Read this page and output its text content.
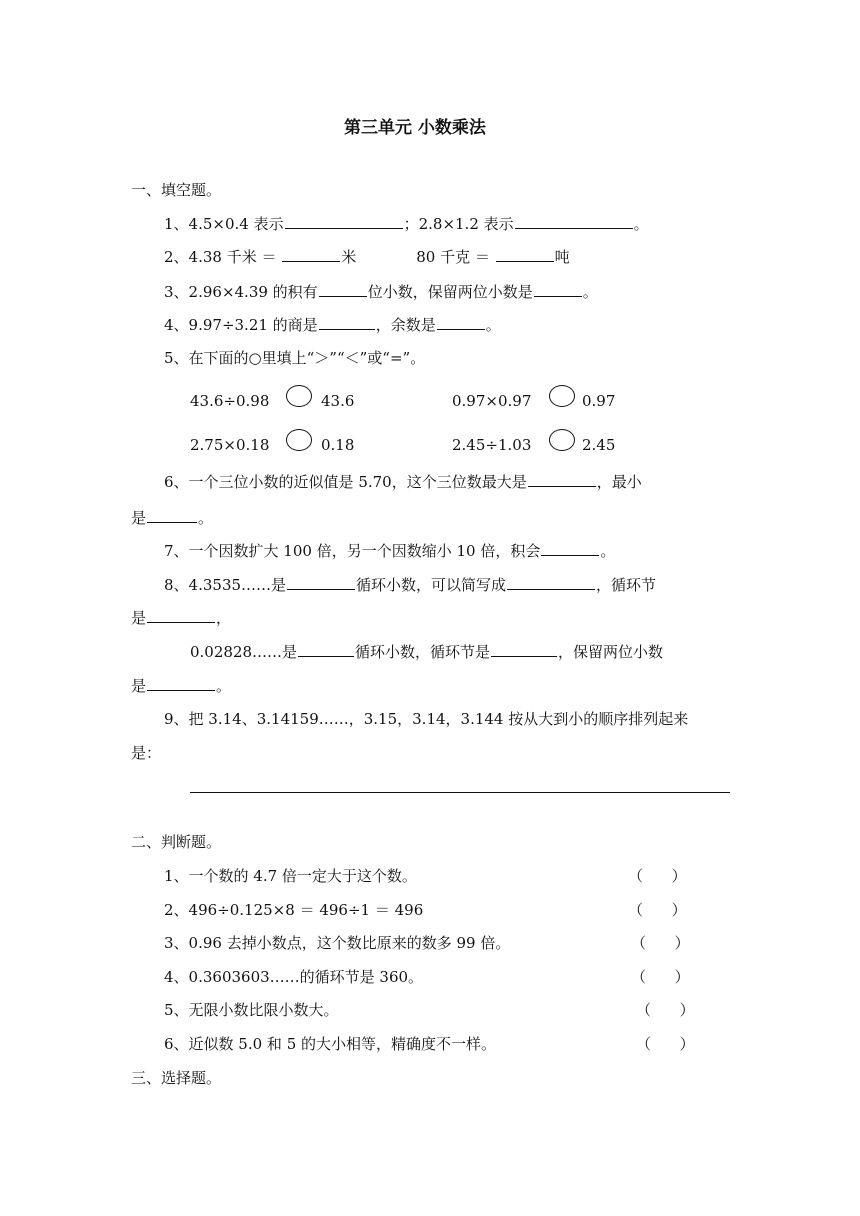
第三单元 小数乘法
一、填空题。
1、4.5×0.4 表示	；2.8×1.2 表示	。
2、4.38 千米 ＝	米	80 千克 ＝	吨
3、2.96×4.39 的积有	位小数，保留两位小数是	。
4、9.97÷3.21 的商是	，余数是	。
5、在下面的○里填上“＞”“＜”或“=”。
43.6÷0.98	43.6	0.97×0.97	0.97
2.75×0.18	0.18	2.45÷1.03	2.45
6、一个三位小数的近似值是 5.70，这个三位数最大是	，最小
是	。
7、一个因数扩大 100 倍，另一个因数缩小 10 倍，积会	。
8、4.3535……是	循环小数，可以简写成	，循环节
是	，
0.02828……是	循环小数，循环节是	，保留两位小数
是	。
9、把 3.14、3.14159……，3.15，3.14，3.144 按从大到小的顺序排列起来
是：
二、判断题。
1、一个数的 4.7 倍一定大于这个数。	（      ）
2、496÷0.125×8 ＝ 496÷1 ＝ 496	（      ）
3、0.96 去掉小数点，这个数比原来的数多 99 倍。	（      ）
4、0.3603603……的循环节是 360。	（      ）
5、无限小数比限小数大。	（      ）
6、近似数 5.0 和 5 的大小相等，精确度不一样。	（      ）
三、选择题。
